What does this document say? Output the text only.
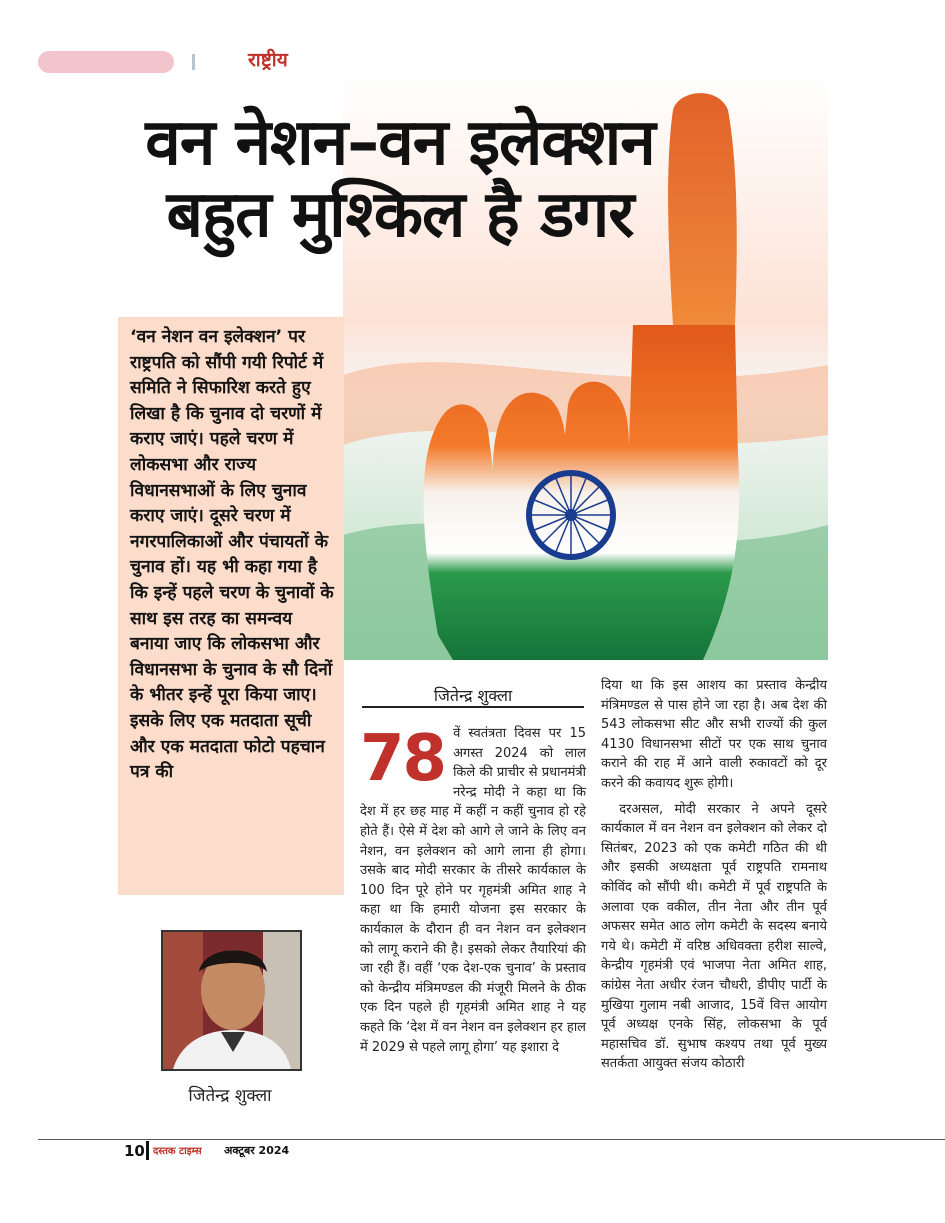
राष्ट्रीय
वन नेशन–वन इलेक्शन
बहुत मुश्किल है डगर

‘वन नेशन वन इलेक्शन’ पर राष्ट्रपति को सौंपी गयी रिपोर्ट में समिति ने सिफारिश करते हुए लिखा है कि चुनाव दो चरणों में कराए जाएं। पहले चरण में लोकसभा और राज्य विधानसभाओं के लिए चुनाव कराए जाएं। दूसरे चरण में नगरपालिकाओं और पंचायतों के चुनाव हों। यह भी कहा गया है कि इन्हें पहले चरण के चुनावों के साथ इस तरह का समन्वय बनाया जाए कि लोकसभा और विधानसभा के चुनाव के सौ दिनों के भीतर इन्हें पूरा किया जाए। इसके लिए एक मतदाता सूची और एक मतदाता फोटो पहचान पत्र की

जितेन्द्र शुक्ला
जितेन्द्र शुक्ला
78 वें स्वतंत्रता दिवस पर 15 अगस्त 2024 को लाल किले की प्राचीर से प्रधानमंत्री नरेन्द्र मोदी ने कहा था कि देश में हर छह माह में कहीं न कहीं चुनाव हो रहे होते हैं। ऐसे में देश को आगे ले जाने के लिए वन नेशन, वन इलेक्शन को आगे लाना ही होगा। उसके बाद मोदी सरकार के तीसरे कार्यकाल के 100 दिन पूरे होने पर गृहमंत्री अमित शाह ने कहा था कि हमारी योजना इस सरकार के कार्यकाल के दौरान ही वन नेशन वन इलेक्शन को लागू कराने की है। इसको लेकर तैयारियां की जा रही हैं। वहीं ‘एक देश-एक चुनाव’ के प्रस्ताव को केन्द्रीय मंत्रिमण्डल की मंजूरी मिलने के ठीक एक दिन पहले ही गृहमंत्री अमित शाह ने यह कहते कि ‘देश में वन नेशन वन इलेक्शन हर हाल में 2029 से पहले लागू होगा’ यह इशारा दे

दिया था कि इस आशय का प्रस्ताव केन्द्रीय मंत्रिमण्डल से पास होने जा रहा है। अब देश की 543 लोकसभा सीट और सभी राज्यों की कुल 4130 विधानसभा सीटों पर एक साथ चुनाव कराने की राह में आने वाली रुकावटों को दूर करने की कवायद शुरू होगी।

दरअसल, मोदी सरकार ने अपने दूसरे कार्यकाल में वन नेशन वन इलेक्शन को लेकर दो सितंबर, 2023 को एक कमेटी गठित की थी और इसकी अध्यक्षता पूर्व राष्ट्रपति रामनाथ कोविंद को सौंपी थी। कमेटी में पूर्व राष्ट्रपति के अलावा एक वकील, तीन नेता और तीन पूर्व अफसर समेत आठ लोग कमेटी के सदस्य बनाये गये थे। कमेटी में वरिष्ठ अधिवक्ता हरीश साल्वे, केन्द्रीय गृहमंत्री एवं भाजपा नेता अमित शाह, कांग्रेस नेता अधीर रंजन चौधरी, डीपीए पार्टी के मुखिया गुलाम नबी आजाद, 15वें वित्त आयोग पूर्व अध्यक्ष एनके सिंह, लोकसभा के पूर्व महासचिव डॉ. सुभाष कश्यप तथा पूर्व मुख्य सतर्कता आयुक्त संजय कोठारी

10 दस्तक टाइम्स अक्टूबर 2024
